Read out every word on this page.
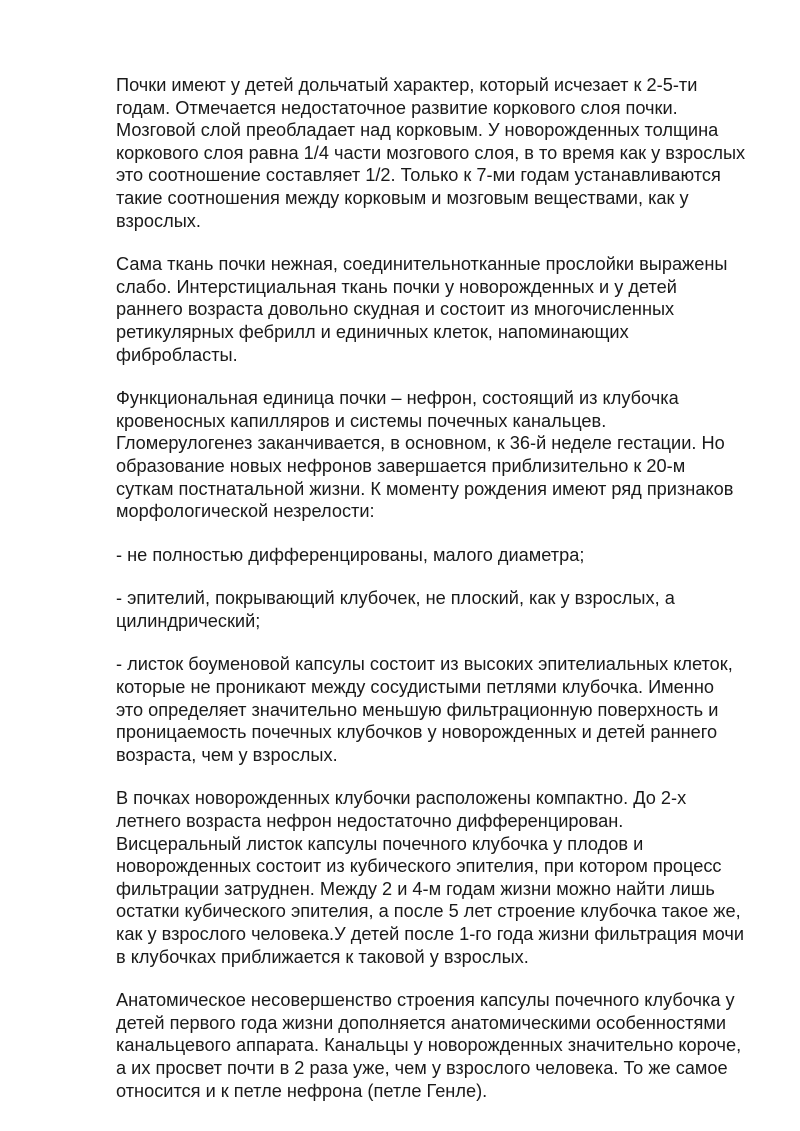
Почки имеют у детей дольчатый характер, который исчезает к 2-5-ти годам. Отмечается недостаточное развитие коркового слоя почки. Мозговой слой преобладает над корковым. У новорожденных толщина коркового слоя равна 1/4 части мозгового слоя, в то время как у взрослых это соотношение составляет 1/2. Только к 7-ми годам устанавливаются такие соотношения между корковым и мозговым веществами, как у взрослых.

Сама ткань почки нежная, соединительнотканные прослойки выражены слабо. Интерстициальная ткань почки у новорожденных и у детей раннего возраста довольно скудная и состоит из многочисленных ретикулярных фебрилл и единичных клеток, напоминающих фибробласты.

Функциональная единица почки – нефрон, состоящий из клубочка кровеносных капилляров и системы почечных канальцев. Гломерулогенез заканчивается, в основном, к 36-й неделе гестации. Но образование новых нефронов завершается приблизительно к 20-м суткам постнатальной жизни. К моменту рождения имеют ряд признаков морфологической незрелости:

- не полностью дифференцированы, малого диаметра;

- эпителий, покрывающий клубочек, не плоский, как у взрослых, а цилиндрический;

- листок боуменовой капсулы состоит из высоких эпителиальных клеток, которые не проникают между сосудистыми петлями клубочка. Именно это определяет значительно меньшую фильтрационную поверхность и проницаемость почечных клубочков у новорожденных и детей раннего возраста, чем у взрослых.

В почках новорожденных клубочки расположены компактно. До 2-х летнего возраста нефрон недостаточно дифференцирован. Висцеральный листок капсулы почечного клубочка у плодов и новорожденных состоит из кубического эпителия, при котором процесс фильтрации затруднен. Между 2 и 4-м годам жизни можно найти лишь остатки кубического эпителия, а после 5 лет строение клубочка такое же, как у взрослого человека.У детей после 1-го года жизни фильтрация мочи в клубочках приближается к таковой у взрослых.

Анатомическое несовершенство строения капсулы почечного клубочка у детей первого года жизни дополняется анатомическими особенностями канальцевого аппарата. Канальцы у новорожденных значительно короче, а их просвет почти в 2 раза уже, чем у взрослого человека. То же самое относится и к петле нефрона (петле Генле).
